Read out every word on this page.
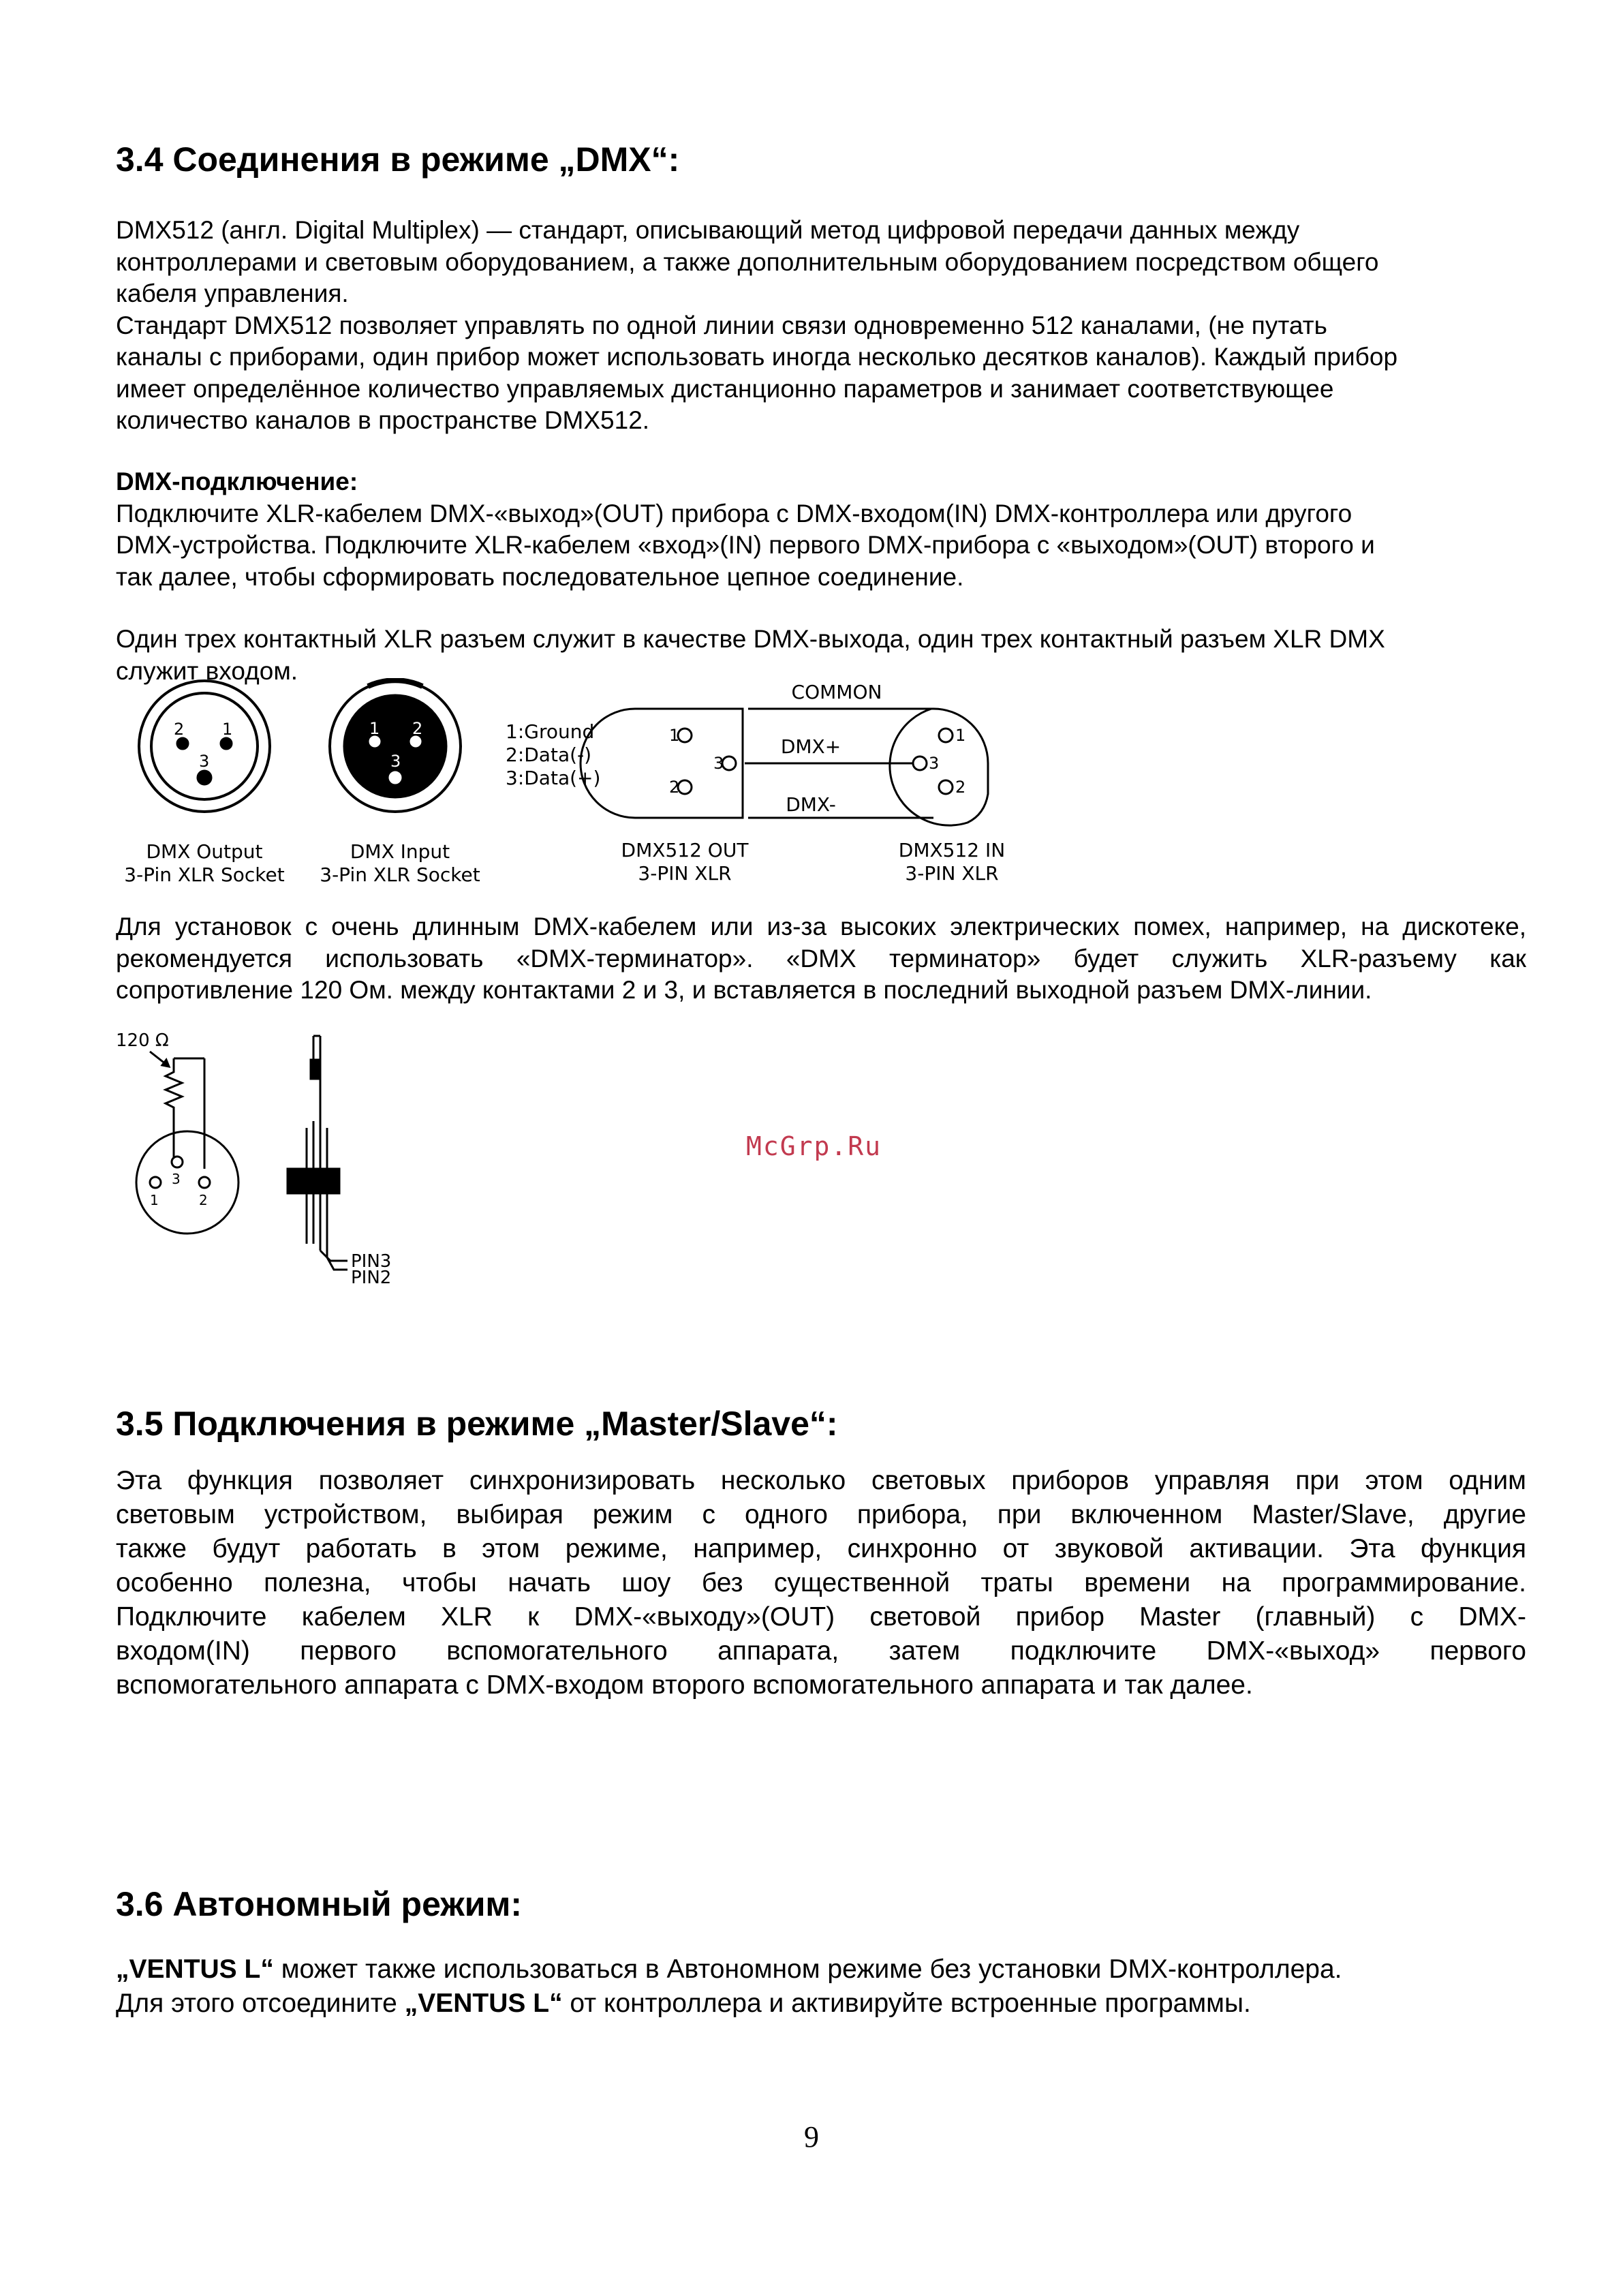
3.4 Соединения в режиме „DMX“:
DMX512 (англ. Digital Multiplex) — стандарт, описывающий метод цифровой передачи данных между
контроллерами и световым оборудованием, а также дополнительным оборудованием посредством общего
кабеля управления.
Стандарт DMX512 позволяет управлять по одной линии связи одновременно 512 каналами, (не путать
каналы с приборами, один прибор может использовать иногда несколько десятков каналов). Каждый прибор
имеет определённое количество управляемых дистанционно параметров и занимает соответствующее
количество каналов в пространстве DMX512.
DMX-подключение:
Подключите XLR-кабелем DMX-«выход»(OUT) прибора с DMX-входом(IN) DMX-контроллера или другого
DMX-устройства. Подключите XLR-кабелем «вход»(IN) первого DMX-прибора с «выходом»(OUT) второго и
так далее, чтобы сформировать последовательное цепное соединение.
Один трех контактный XLR разъем служит в качестве DMX-выхода, один трех контактный разъем XLR DMX
служит входом.
2 1
3
1 2
3
DMX Output
3-Pin XLR Socket
DMX Input
3-Pin XLR Socket
1:Ground
2:Data(-)
3:Data(+)
1
2
3
1
2
3
COMMON
DMX+
DMX-
DMX512 OUT
3-PIN XLR
DMX512 IN
3-PIN XLR
Для установок с очень длинным DMX-кабелем или из-за высоких электрических помех, например, на дискотеке,
рекомендуется использовать «DMX-терминатор». «DMX терминатор» будет служить XLR-разъему как
сопротивление 120 Ом. между контактами 2 и 3, и вставляется в последний выходной разъем DMX-линии.
120 Ω
3
1	2
PIN3
PIN2
McGrp.Ru
3.5 Подключения в режиме „Master/Slave“:
Эта функция позволяет синхронизировать несколько световых приборов управляя при этом одним
световым устройством, выбирая режим с одного прибора, при включенном Master/Slave, другие
также будут работать в этом режиме, например, синхронно от звуковой активации. Эта функция
особенно полезна, чтобы начать шоу без существенной траты времени на программирование.
Подключите кабелем XLR к DMX-«выходу»(OUT) световой прибор Master (главный) с DMX-
входом(IN) первого вспомогательного аппарата, затем подключите DMX-«выход» первого
вспомогательного аппарата с DMX-входом второго вспомогательного аппарата и так далее.
3.6 Автономный режим:
„VENTUS L“ может также использоваться в Автономном режиме без установки DMX-контроллера.
Для этого отсоедините „VENTUS L“ от контроллера и активируйте встроенные программы.
9
